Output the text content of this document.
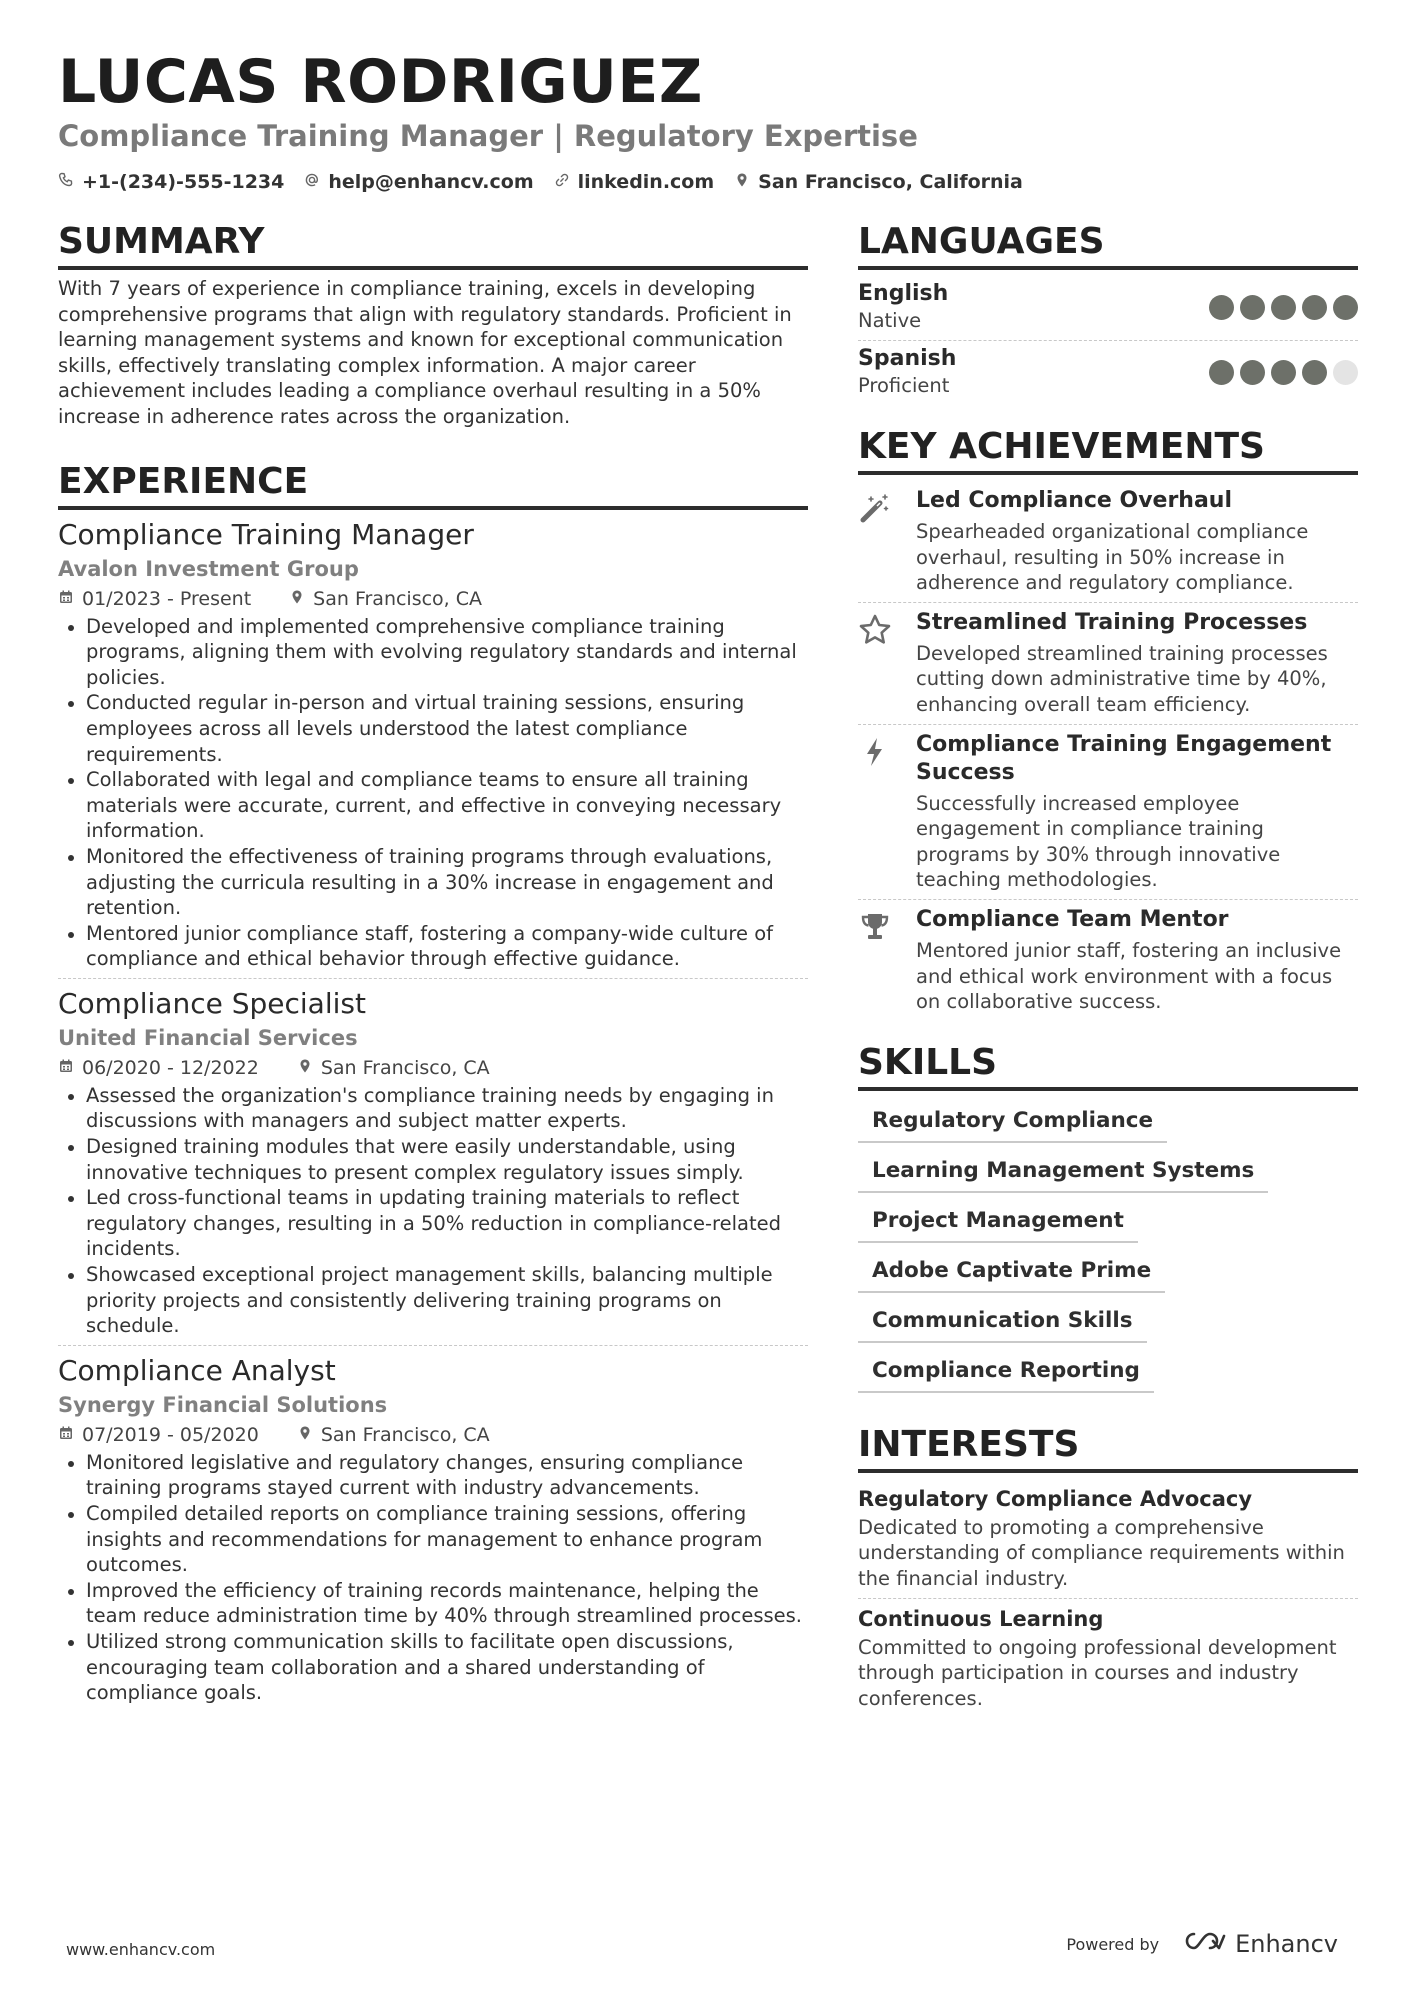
LUCAS RODRIGUEZ
Compliance Training Manager | Regulatory Expertise
+1-(234)-555-1234 help@enhancv.com linkedin.com San Francisco, California
SUMMARY
With 7 years of experience in compliance training, excels in developing comprehensive programs that align with regulatory standards. Proficient in learning management systems and known for exceptional communication skills, effectively translating complex information. A major career achievement includes leading a compliance overhaul resulting in a 50% increase in adherence rates across the organization.
EXPERIENCE
Compliance Training Manager
Avalon Investment Group
01/2023 - Present	San Francisco, CA
Developed and implemented comprehensive compliance training programs, aligning them with evolving regulatory standards and internal policies.
Conducted regular in-person and virtual training sessions, ensuring employees across all levels understood the latest compliance requirements.
Collaborated with legal and compliance teams to ensure all training materials were accurate, current, and effective in conveying necessary information.
Monitored the effectiveness of training programs through evaluations, adjusting the curricula resulting in a 30% increase in engagement and retention.
Mentored junior compliance staff, fostering a company-wide culture of compliance and ethical behavior through effective guidance.
Compliance Specialist
United Financial Services
06/2020 - 12/2022	San Francisco, CA
Assessed the organization's compliance training needs by engaging in discussions with managers and subject matter experts.
Designed training modules that were easily understandable, using innovative techniques to present complex regulatory issues simply.
Led cross-functional teams in updating training materials to reflect regulatory changes, resulting in a 50% reduction in compliance-related incidents.
Showcased exceptional project management skills, balancing multiple priority projects and consistently delivering training programs on schedule.
Compliance Analyst
Synergy Financial Solutions
07/2019 - 05/2020	San Francisco, CA
Monitored legislative and regulatory changes, ensuring compliance training programs stayed current with industry advancements.
Compiled detailed reports on compliance training sessions, offering insights and recommendations for management to enhance program outcomes.
Improved the efficiency of training records maintenance, helping the team reduce administration time by 40% through streamlined processes.
Utilized strong communication skills to facilitate open discussions, encouraging team collaboration and a shared understanding of compliance goals.
LANGUAGES
English
Native
Spanish
Proficient
KEY ACHIEVEMENTS
Led Compliance Overhaul
Spearheaded organizational compliance overhaul, resulting in 50% increase in adherence and regulatory compliance.
Streamlined Training Processes
Developed streamlined training processes cutting down administrative time by 40%, enhancing overall team efficiency.
Compliance Training Engagement Success
Successfully increased employee engagement in compliance training programs by 30% through innovative teaching methodologies.
Compliance Team Mentor
Mentored junior staff, fostering an inclusive and ethical work environment with a focus on collaborative success.
SKILLS
Regulatory Compliance
Learning Management Systems
Project Management
Adobe Captivate Prime
Communication Skills
Compliance Reporting
INTERESTS
Regulatory Compliance Advocacy
Dedicated to promoting a comprehensive understanding of compliance requirements within the financial industry.
Continuous Learning
Committed to ongoing professional development through participation in courses and industry conferences.
www.enhancv.com	Powered by	Enhancv
